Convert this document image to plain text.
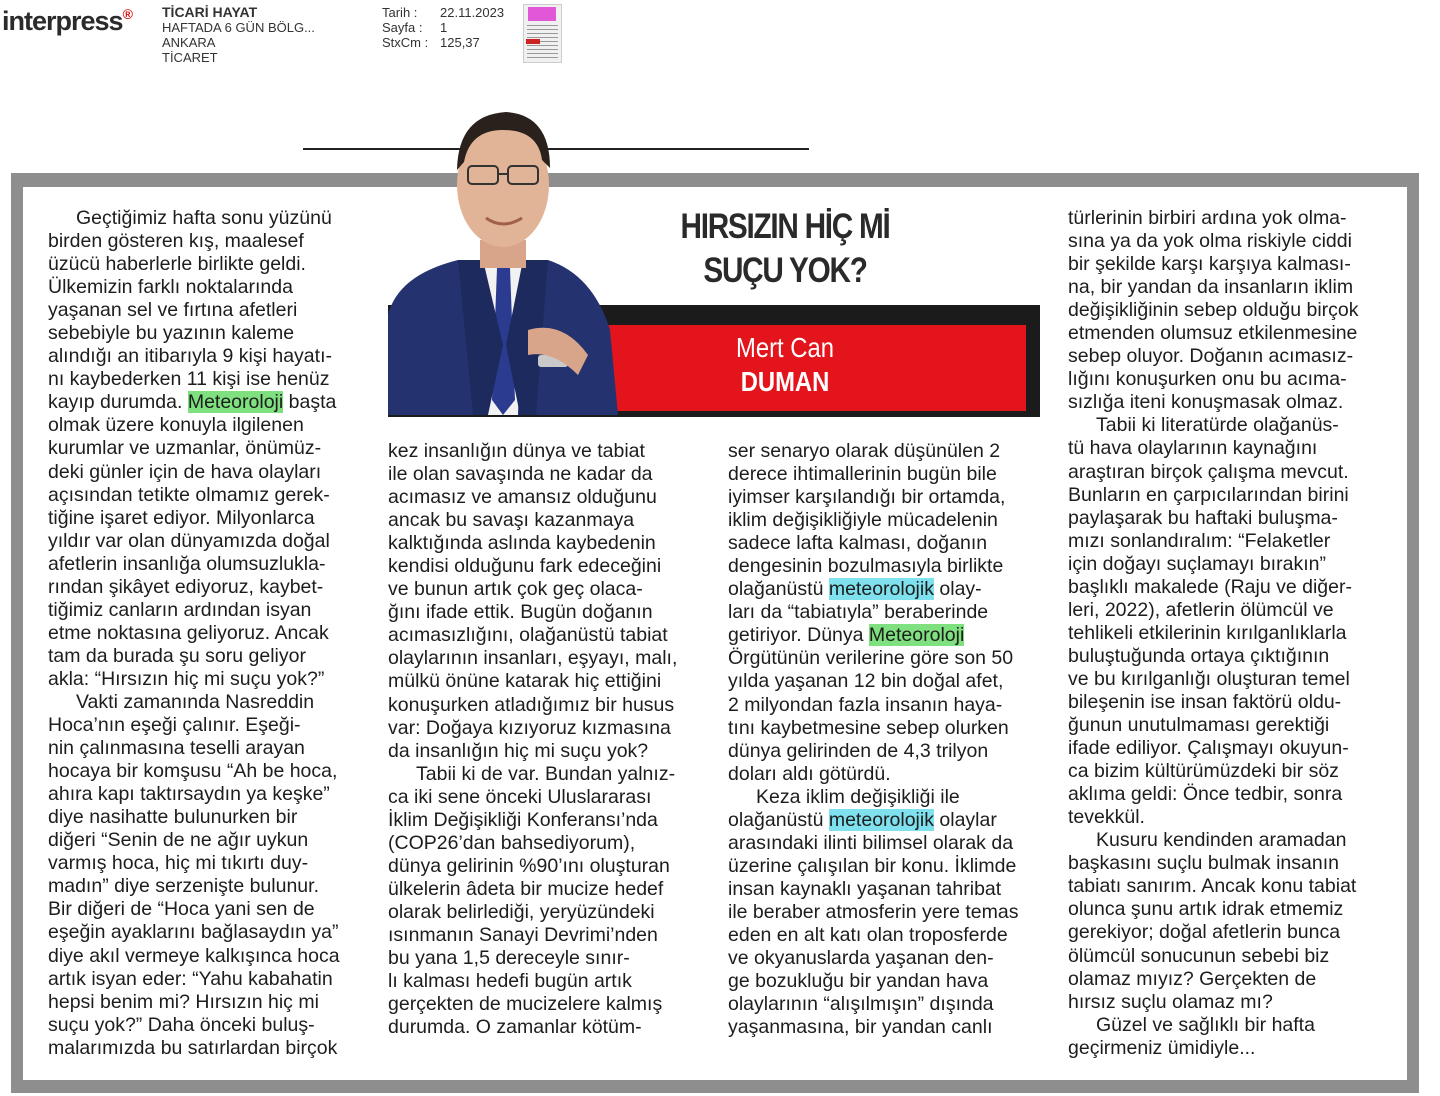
interpress® TİCARİ HAYAT
HAFTADA 6 GÜN BÖLG...
ANKARA
TİCARET
Tarih :	22.11.2023
Sayfa :	1
StxCm : 125,37
HIRSIZIN HİÇ Mİ
SUÇU YOK?
Mert Can
DUMAN

Geçtiğimiz hafta sonu yüzünü

birden gösteren kış, maalesef

üzücü haberlerle birlikte geldi.

Ülkemizin farklı noktalarında

yaşanan sel ve fırtına afetleri

sebebiyle bu yazının kaleme

alındığı an itibarıyla 9 kişi hayatı-

nı kaybederken 11 kişi ise henüz

kayıp durumda. Meteoroloji başta

olmak üzere konuyla ilgilenen

kurumlar ve uzmanlar, önümüz-

deki günler için de hava olayları

açısından tetikte olmamız gerek-

tiğine işaret ediyor. Milyonlarca

yıldır var olan dünyamızda doğal

afetlerin insanlığa olumsuzlukla-

rından şikâyet ediyoruz, kaybet-

tiğimiz canların ardından isyan

etme noktasına geliyoruz. Ancak

tam da burada şu soru geliyor

akla: “Hırsızın hiç mi suçu yok?”

Vakti zamanında Nasreddin

Hoca’nın eşeği çalınır. Eşeği-

nin çalınmasına teselli arayan

hocaya bir komşusu “Ah be hoca,

ahıra kapı taktırsaydın ya keşke”

diye nasihatte bulunurken bir

diğeri “Senin de ne ağır uykun

varmış hoca, hiç mi tıkırtı duy-

madın” diye serzenişte bulunur.

Bir diğeri de “Hoca yani sen de

eşeğin ayaklarını bağlasaydın ya”

diye akıl vermeye kalkışınca hoca

artık isyan eder: “Yahu kabahatin

hepsi benim mi? Hırsızın hiç mi

suçu yok?” Daha önceki buluş-

malarımızda bu satırlardan birçok

kez insanlığın dünya ve tabiat

ile olan savaşında ne kadar da

acımasız ve amansız olduğunu

ancak bu savaşı kazanmaya

kalktığında aslında kaybedenin

kendisi olduğunu fark edeceğini

ve bunun artık çok geç olaca-

ğını ifade ettik. Bugün doğanın

acımasızlığını, olağanüstü tabiat

olaylarının insanları, eşyayı, malı,

mülkü önüne katarak hiç ettiğini

konuşurken atladığımız bir husus

var: Doğaya kızıyoruz kızmasına

da insanlığın hiç mi suçu yok?

Tabii ki de var. Bundan yalnız-

ca iki sene önceki Uluslararası

İklim Değişikliği Konferansı’nda

(COP26’dan bahsediyorum),

dünya gelirinin %90’ını oluşturan

ülkelerin âdeta bir mucize hedef

olarak belirlediği, yeryüzündeki

ısınmanın Sanayi Devrimi’nden

bu yana 1,5 dereceyle sınır-

lı kalması hedefi bugün artık

gerçekten de mucizelere kalmış

durumda. O zamanlar kötüm-

ser senaryo olarak düşünülen 2

derece ihtimallerinin bugün bile

iyimser karşılandığı bir ortamda,

iklim değişikliğiyle mücadelenin

sadece lafta kalması, doğanın

dengesinin bozulmasıyla birlikte

olağanüstü meteorolojik olay-

ları da “tabiatıyla” beraberinde

getiriyor. Dünya Meteoroloji

Örgütünün verilerine göre son 50

yılda yaşanan 12 bin doğal afet,

2 milyondan fazla insanın haya-

tını kaybetmesine sebep olurken

dünya gelirinden de 4,3 trilyon

doları aldı götürdü.

Keza iklim değişikliği ile

olağanüstü meteorolojik olaylar

arasındaki ilinti bilimsel olarak da

üzerine çalışılan bir konu. İklimde

insan kaynaklı yaşanan tahribat

ile beraber atmosferin yere temas

eden en alt katı olan troposferde

ve okyanuslarda yaşanan den-

ge bozukluğu bir yandan hava

olaylarının “alışılmışın” dışında

yaşanmasına, bir yandan canlı

türlerinin birbiri ardına yok olma-

sına ya da yok olma riskiyle ciddi

bir şekilde karşı karşıya kalması-

na, bir yandan da insanların iklim

değişikliğinin sebep olduğu birçok

etmenden olumsuz etkilenmesine

sebep oluyor. Doğanın acımasız-

lığını konuşurken onu bu acıma-

sızlığa iteni konuşmasak olmaz.

Tabii ki literatürde olağanüs-

tü hava olaylarının kaynağını

araştıran birçok çalışma mevcut.

Bunların en çarpıcılarından birini

paylaşarak bu haftaki buluşma-

mızı sonlandıralım: “Felaketler

için doğayı suçlamayı bırakın”

başlıklı makalede (Raju ve diğer-

leri, 2022), afetlerin ölümcül ve

tehlikeli etkilerinin kırılganlıklarla

buluştuğunda ortaya çıktığının

ve bu kırılganlığı oluşturan temel

bileşenin ise insan faktörü oldu-

ğunun unutulmaması gerektiği

ifade ediliyor. Çalışmayı okuyun-

ca bizim kültürümüzdeki bir söz

aklıma geldi: Önce tedbir, sonra

tevekkül.

Kusuru kendinden aramadan

başkasını suçlu bulmak insanın

tabiatı sanırım. Ancak konu tabiat

olunca şunu artık idrak etmemiz

gerekiyor; doğal afetlerin bunca

ölümcül sonucunun sebebi biz

olamaz mıyız? Gerçekten de

hırsız suçlu olamaz mı?

Güzel ve sağlıklı bir hafta

geçirmeniz ümidiyle...
